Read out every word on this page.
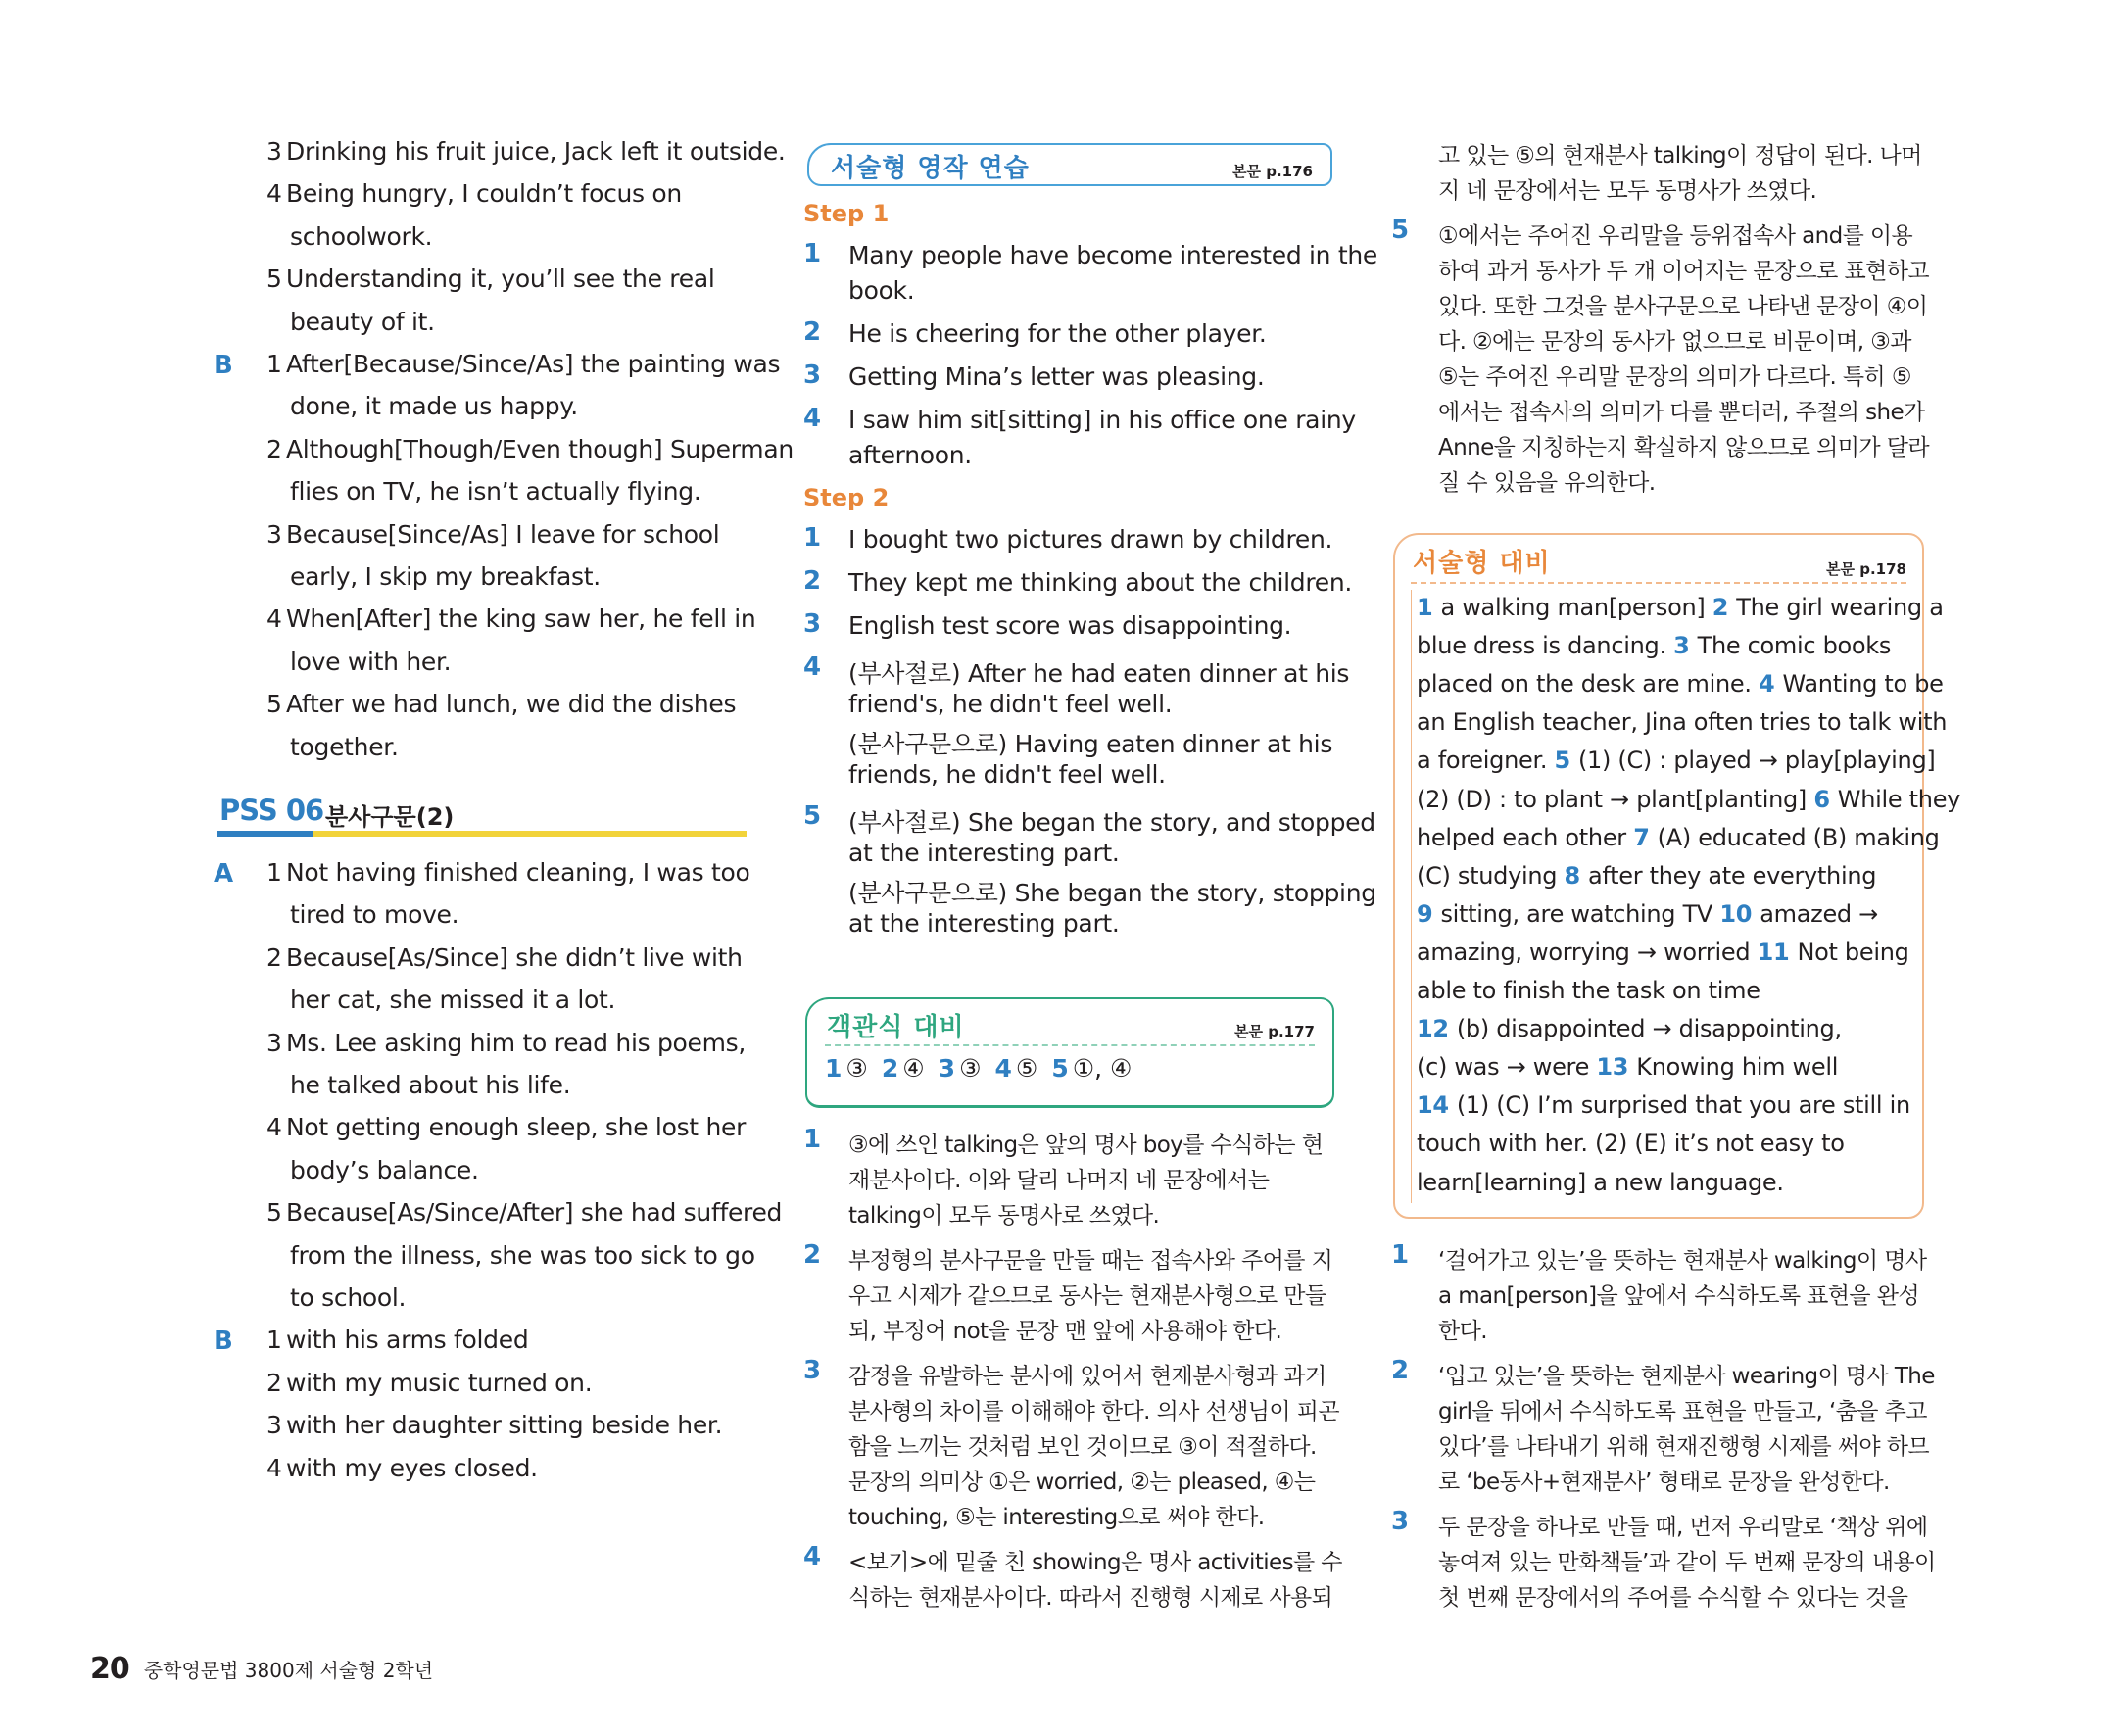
3 Drinking his fruit juice, Jack left it outside.
4 Being hungry, I couldn’t focus on
schoolwork.
5 Understanding it, you’ll see the real
beauty of it.
B 1 After[Because/Since/As] the painting was
done, it made us happy.
2 Although[Though/Even though] Superman
flies on TV, he isn’t actually flying.
3 Because[Since/As] I leave for school
early, I skip my breakfast.
4 When[After] the king saw her, he fell in
love with her.
5 After we had lunch, we did the dishes
together.
A 1 Not having finished cleaning, I was too
tired to move.
2 Because[As/Since] she didn’t live with
her cat, she missed it a lot.
3 Ms. Lee asking him to read his poems,
he talked about his life.
4 Not getting enough sleep, she lost her
body’s balance.
5 Because[As/Since/After] she had suffered
from the illness, she was too sick to go
to school.
B 1 with his arms folded
2 with my music turned on.
3 with her daughter sitting beside her.
4 with my eyes closed.
PSS 06 분사구문(2)
서술형 영작 연습	본문 p.176
Step 1
1 Many people have become interested in the
book.
2 He is cheering for the other player.
3 Getting Mina’s letter was pleasing.
4 I saw him sit[sitting] in his office one rainy
afternoon.
Step 2
1 I bought two pictures drawn by children.
2 They kept me thinking about the children.
3 English test score was disappointing.
4 (부사절로) After he had eaten dinner at his
friend's, he didn't feel well.
(분사구문으로) Having eaten dinner at his
friends, he didn't feel well.
5 (부사절로) She began the story, and stopped
at the interesting part.
(분사구문으로) She began the story, stopping
at the interesting part.
1 ③에 쓰인 talking은 앞의 명사 boy를 수식하는 현
재분사이다. 이와 달리 나머지 네 문장에서는
talking이 모두 동명사로 쓰였다.
2 부정형의 분사구문을 만들 때는 접속사와 주어를 지
우고 시제가 같으므로 동사는 현재분사형으로 만들
되, 부정어 not을 문장 맨 앞에 사용해야 한다.
3 감정을 유발하는 분사에 있어서 현재분사형과 과거
분사형의 차이를 이해해야 한다. 의사 선생님이 피곤
함을 느끼는 것처럼 보인 것이므로 ③이 적절하다.
문장의 의미상 ①은 worried, ②는 pleased, ④는
touching, ⑤는 interesting으로 써야 한다.
4 <보기>에 밑줄 친 showing은 명사 activities를 수
식하는 현재분사이다. 따라서 진행형 시제로 사용되
객관식 대비	본문 p.177
1 ③ 2 ④ 3 ③ 4 ⑤ 5 ①, ④
고 있는 ⑤의 현재분사 talking이 정답이 된다. 나머
지 네 문장에서는 모두 동명사가 쓰였다.
5 ①에서는 주어진 우리말을 등위접속사 and를 이용
하여 과거 동사가 두 개 이어지는 문장으로 표현하고
있다. 또한 그것을 분사구문으로 나타낸 문장이 ④이
다. ②에는 문장의 동사가 없으므로 비문이며, ③과
⑤는 주어진 우리말 문장의 의미가 다르다. 특히 ⑤
에서는 접속사의 의미가 다를 뿐더러, 주절의 she가
Anne을 지칭하는지 확실하지 않으므로 의미가 달라
질 수 있음을 유의한다.
1 ‘걸어가고 있는’을 뜻하는 현재분사 walking이 명사
a man[person]을 앞에서 수식하도록 표현을 완성
한다.
2 ‘입고 있는’을 뜻하는 현재분사 wearing이 명사 The
girl을 뒤에서 수식하도록 표현을 만들고, ‘춤을 추고
있다’를 나타내기 위해 현재진행형 시제를 써야 하므
로 ‘be동사+현재분사’ 형태로 문장을 완성한다.
3 두 문장을 하나로 만들 때, 먼저 우리말로 ‘책상 위에
놓여져 있는 만화책들’과 같이 두 번째 문장의 내용이
첫 번째 문장에서의 주어를 수식할 수 있다는 것을
서술형 대비	본문 p.178
1 a walking man[person] 2 The girl wearing a
blue dress is dancing. 3 The comic books
placed on the desk are mine. 4 Wanting to be
an English teacher, Jina often tries to talk with
a foreigner. 5 (1) (C) : played → play[playing]
(2) (D) : to plant → plant[planting] 6 While they
helped each other 7 (A) educated (B) making
(C) studying 8 after they ate everything
9 sitting, are watching TV 10 amazed →
amazing, worrying → worried 11 Not being
able to finish the task on time
12 (b) disappointed → disappointing,
(c) was → were 13 Knowing him well
14 (1) (C) I’m surprised that you are still in
touch with her. (2) (E) it’s not easy to
learn[learning] a new language.
20 중학영문법 3800제 서술형 2학년
